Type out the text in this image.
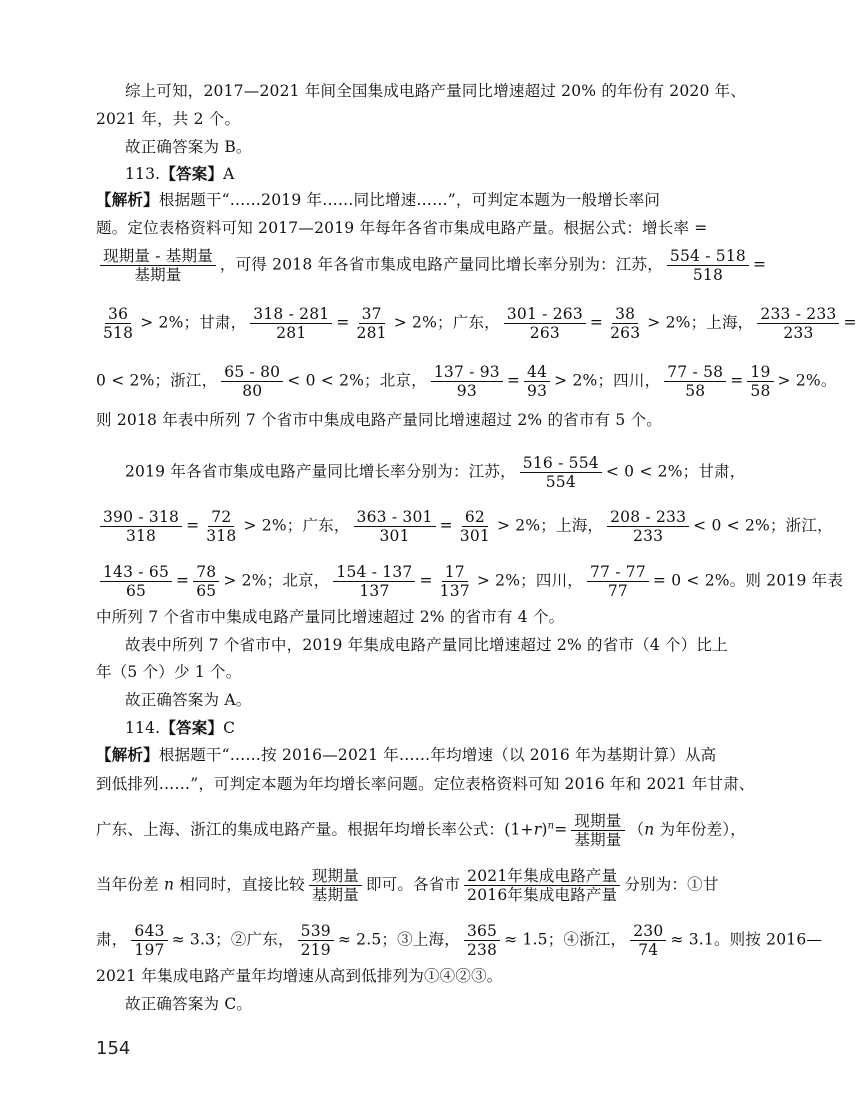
综上可知，2017—2021 年间全国集成电路产量同比增速超过 20% 的年份有 2020 年、
2021 年，共 2 个。
故正确答案为 B。
113.【答案】A
【解析】根据题干“……2019 年……同比增速……”，可判定本题为一般增长率问
题。定位表格资料可知 2017—2019 年每年各省市集成电路产量。根据公式：增长率 =
$\frac{\text{现期量 - 基期量}}{\text{基期量}}$ ，可得 2018 年各省市集成电路产量同比增长率分别为：江苏， $\frac{554 - 518}{518}$ =
$\frac{36}{518} > 2\%$；甘肃， $\frac{318 - 281}{281} = \frac{37}{281} > 2\%$；广东， $\frac{301 - 263}{263} = \frac{38}{263} > 2\%$；上海， $\frac{233 - 233}{233}$ =
0 < 2%；浙江， $\frac{65 - 80}{80} < 0 < 2\%$；北京， $\frac{137 - 93}{93} = \frac{44}{93} > 2\%$；四川， $\frac{77 - 58}{58} = \frac{19}{58} > 2\%$。
则 2018 年表中所列 7 个省市中集成电路产量同比增速超过 2% 的省市有 5 个。
2019 年各省市集成电路产量同比增长率分别为：江苏， $\frac{516 - 554}{554} < 0 < 2\%$；甘肃，
$\frac{390 - 318}{318} = \frac{72}{318} > 2\%$；广东， $\frac{363 - 301}{301} = \frac{62}{301} > 2\%$；上海， $\frac{208 - 233}{233} < 0 < 2\%$；浙江，
$\frac{143 - 65}{65} = \frac{78}{65} > 2\%$；北京， $\frac{154 - 137}{137} = \frac{17}{137} > 2\%$；四川， $\frac{77 - 77}{77} = 0 < 2\%$。则 2019 年表
中所列 7 个省市中集成电路产量同比增速超过 2% 的省市有 4 个。
故表中所列 7 个省市中，2019 年集成电路产量同比增速超过 2% 的省市（4 个）比上
年（5 个）少 1 个。
故正确答案为 A。
114.【答案】C
【解析】根据题干“……按 2016—2021 年……年均增速（以 2016 年为基期计算）从高
到低排列……”，可判定本题为年均增长率问题。定位表格资料可知 2016 年和 2021 年甘肃、
广东、上海、浙江的集成电路产量。根据年均增长率公式：$(1+r)^n= \frac{\text{现期量}}{\text{基期量}} (n$ 为年份差），
当年份差 n 相同时，直接比较 $\frac{\text{现期量}}{\text{基期量}}$ 即可。各省市 $\frac{\text{2021年集成电路产量}}{\text{2016年集成电路产量}}$ 分别为：①甘
肃， $\frac{643}{197} \approx 3.3$；②广东， $\frac{539}{219} \approx 2.5$；③上海， $\frac{365}{238} \approx 1.5$；④浙江， $\frac{230}{74} \approx 3.1$。则按 2016—
2021 年集成电路产量年均增速从高到低排列为①④②③。
故正确答案为 C。
154
